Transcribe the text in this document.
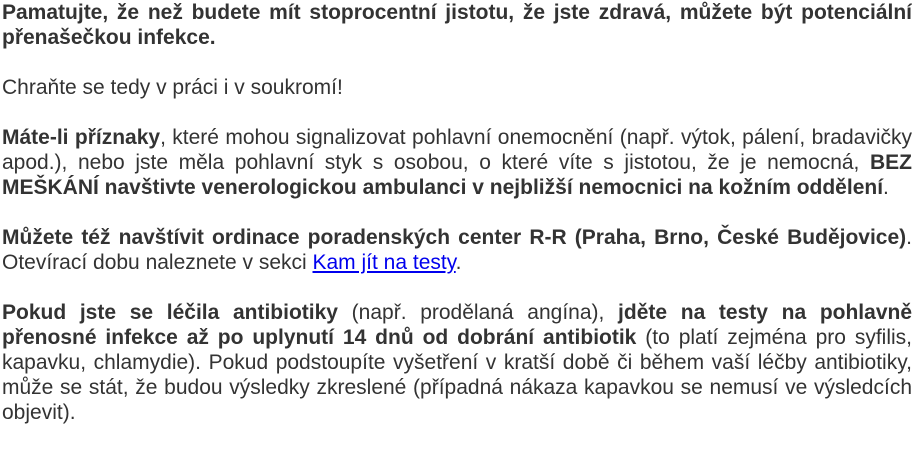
Pamatujte, že než budete mít stoprocentní jistotu, že jste zdravá, můžete být potenciální přenašečkou infekce.

Chraňte se tedy v práci i v soukromí!

Máte-li příznaky, které mohou signalizovat pohlavní onemocnění (např. výtok, pálení, bradavičky apod.), nebo jste měla pohlavní styk s osobou, o které víte s jistotou, že je nemocná, BEZ MEŠKÁNÍ navštivte venerologickou ambulanci v nejbližší nemocnici na kožním oddělení.

Můžete též navštívit ordinace poradenských center R-R (Praha, Brno, České Budějovice). Otevírací dobu naleznete v sekci Kam jít na testy.

Pokud jste se léčila antibiotiky (např. prodělaná angína), jděte na testy na pohlavně přenosné infekce až po uplynutí 14 dnů od dobrání antibiotik (to platí zejména pro syfilis, kapavku, chlamydie). Pokud podstoupíte vyšetření v kratší době či během vaší léčby antibiotiky, může se stát, že budou výsledky zkreslené (případná nákaza kapavkou se nemusí ve výsledcích objevit).
